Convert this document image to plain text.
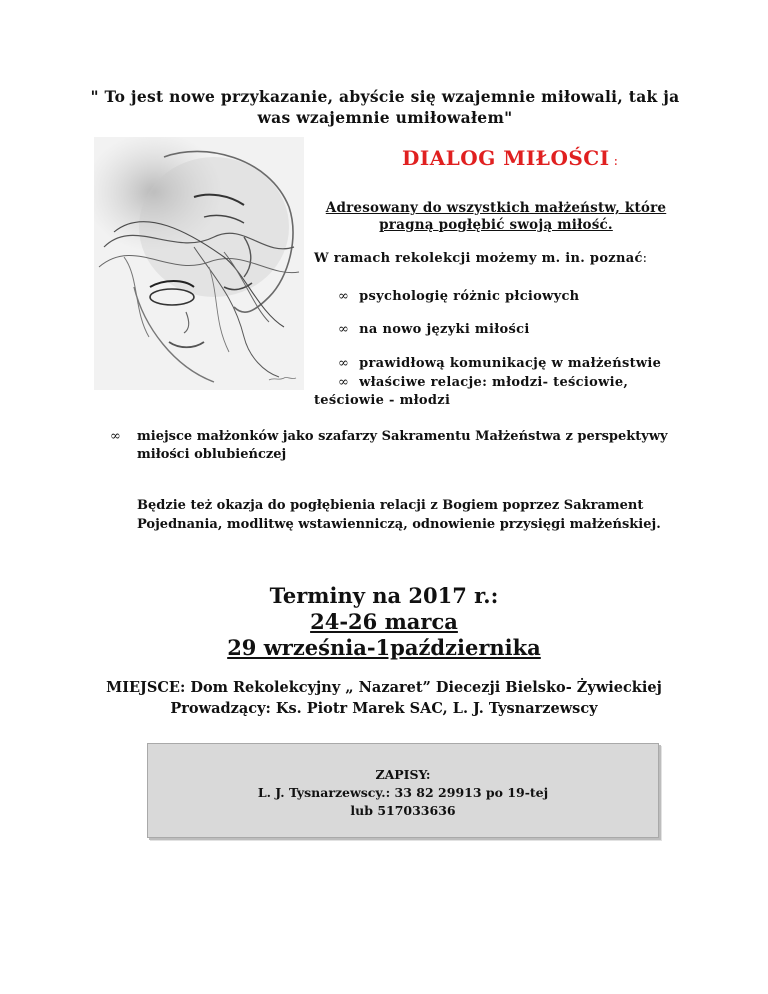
" To jest nowe przykazanie, abyście się wzajemnie miłowali, tak ja
was wzajemnie umiłowałem"
DIALOG MIŁOŚCI :
Adresowany do wszystkich małżeństw, które
pragną pogłębić swoją miłość.
W ramach rekolekcji możemy m. in. poznać:
∞ psychologię różnic płciowych
∞ na nowo języki miłości
∞ prawidłową komunikację w małżeństwie
∞ właściwe relacje: młodzi- teściowie,
teściowie - młodzi
∞	miejsce małżonków jako szafarzy Sakramentu Małżeństwa z perspektywy
miłości oblubieńczej
Będzie też okazja do pogłębienia relacji z Bogiem poprzez Sakrament
Pojednania, modlitwę wstawienniczą, odnowienie przysięgi małżeńskiej.
Terminy na 2017 r.:
24-26 marca
29 września-1października
MIEJSCE: Dom Rekolekcyjny „ Nazaret” Diecezji Bielsko- Żywieckiej
Prowadzący: Ks. Piotr Marek SAC, L. J. Tysnarzewscy
ZAPISY:
L. J. Tysnarzewscy.: 33 82 29913 po 19-tej
lub 517033636
